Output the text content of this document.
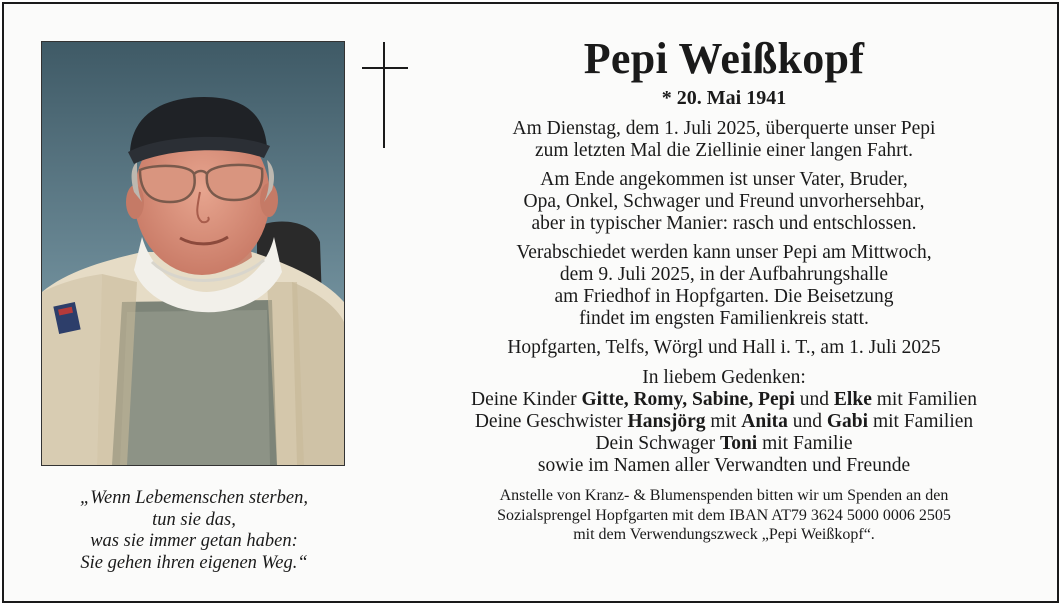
„Wenn Lebemenschen sterben,
tun sie das,
was sie immer getan haben:
Sie gehen ihren eigenen Weg.“
Pepi Weißkopf
* 20. Mai 1941
Am Dienstag, dem 1. Juli 2025, überquerte unser Pepi
zum letzten Mal die Ziellinie einer langen Fahrt.
Am Ende angekommen ist unser Vater, Bruder,
Opa, Onkel, Schwager und Freund unvorhersehbar,
aber in typischer Manier: rasch und entschlossen.
Verabschiedet werden kann unser Pepi am Mittwoch,
dem 9. Juli 2025, in der Aufbahrungshalle
am Friedhof in Hopfgarten. Die Beisetzung
findet im engsten Familienkreis statt.
Hopfgarten, Telfs, Wörgl und Hall i. T., am 1. Juli 2025
In liebem Gedenken:
Deine Kinder Gitte, Romy, Sabine, Pepi und Elke mit Familien
Deine Geschwister Hansjörg mit Anita und Gabi mit Familien
Dein Schwager Toni mit Familie
sowie im Namen aller Verwandten und Freunde
Anstelle von Kranz- & Blumenspenden bitten wir um Spenden an den
Sozialsprengel Hopfgarten mit dem IBAN AT79 3624 5000 0006 2505
mit dem Verwendungszweck „Pepi Weißkopf“.
